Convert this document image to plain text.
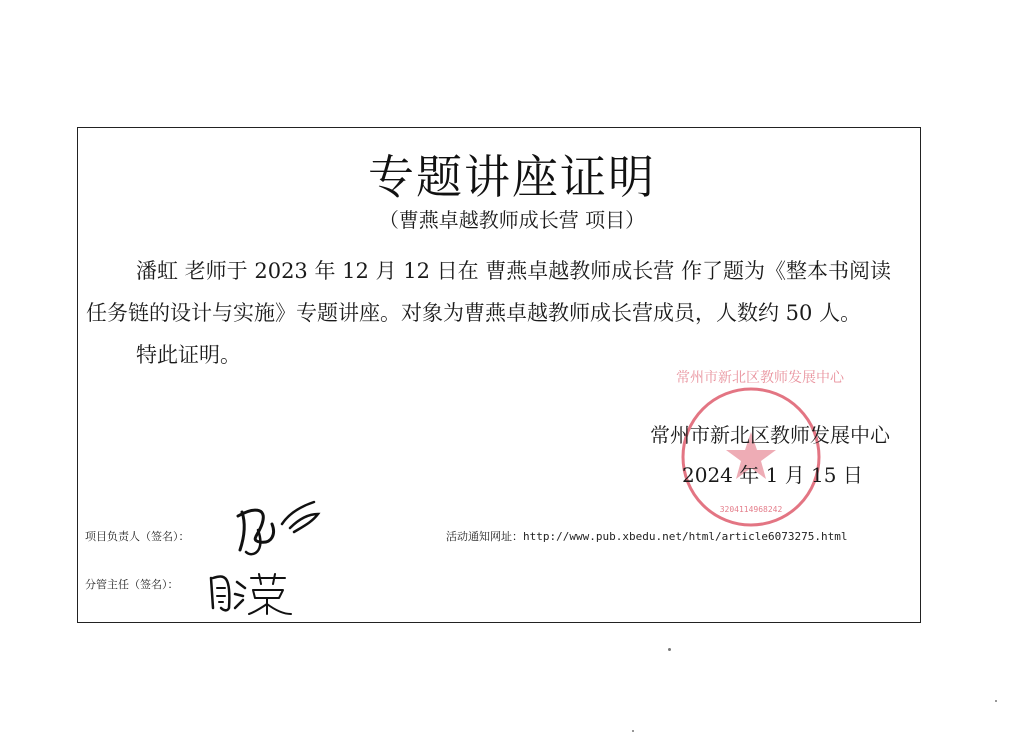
专题讲座证明
（曹燕卓越教师成长营 项目）
潘虹 老师于 2023 年 12 月 12 日在 曹燕卓越教师成长营 作了题为《整本书阅读
任务链的设计与实施》专题讲座。对象为曹燕卓越教师成长营成员，人数约 50 人。
特此证明。
常州市新北区教师发展中心
3204114968242
常州市新北区教师发展中心
2024 年 1 月 15 日
项目负责人（签名）：	活动通知网址：http://www.pub.xbedu.net/html/article6073275.html
分管主任（签名）：
